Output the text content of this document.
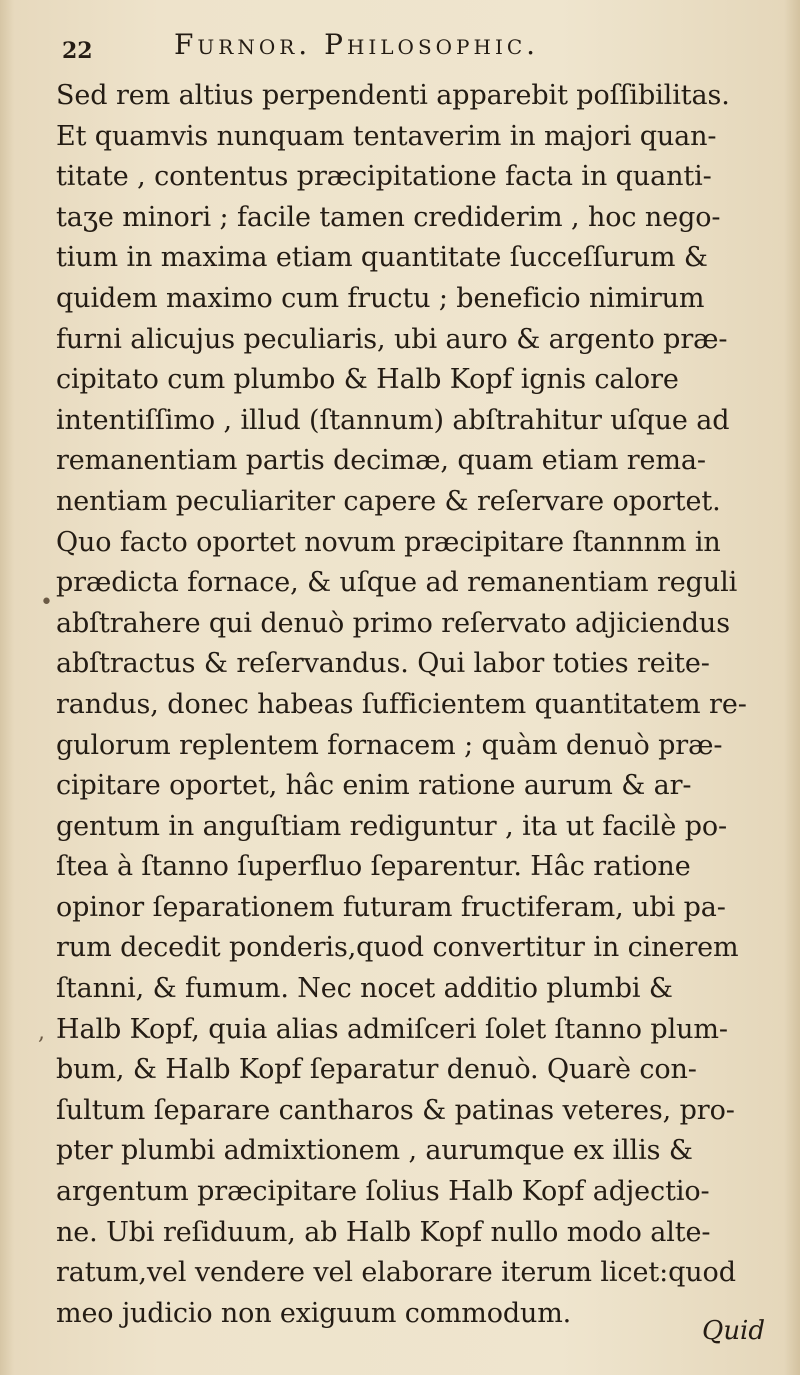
22	Furnor. Philosophic.
Sed rem altius perpendenti apparebit poſſibilitas.
Et quamvis nunquam tentaverim in majori quan-
titate , contentus præcipitatione facta in quanti-
taʒe minori ; facile tamen crediderim , hoc nego-
tium in maxima etiam quantitate ſucceſſurum &
quidem maximo cum fructu ; beneficio nimirum
furni alicujus peculiaris, ubi auro & argento præ-
cipitato cum plumbo & Halb Kopf ignis calore
intentiſſimo , illud (ſtannum) abſtrahitur uſque ad
remanentiam partis decimæ, quam etiam rema-
nentiam peculiariter capere & reſervare oportet.
Quo facto oportet novum præcipitare ſtannnm in
prædicta fornace, & uſque ad remanentiam reguli
abſtrahere qui denuò primo reſervato adjiciendus
abſtractus & reſervandus. Qui labor toties reite-
randus, donec habeas ſufficientem quantitatem re-
gulorum replentem fornacem ; quàm denuò præ-
cipitare oportet, hâc enim ratione aurum & ar-
gentum in anguſtiam rediguntur , ita ut facilè po-
ſtea à ſtanno ſuperfluo ſeparentur. Hâc ratione
opinor ſeparationem futuram fructiferam, ubi pa-
rum decedit ponderis,quod convertitur in cinerem
ſtanni, & fumum. Nec nocet additio plumbi &
Halb Kopf, quia alias admiſceri ſolet ſtanno plum-
bum, & Halb Kopf ſeparatur denuò. Quarè con-
ſultum ſeparare cantharos & patinas veteres, pro-
pter plumbi admixtionem , aurumque ex illis &
argentum præcipitare ſolius Halb Kopf adjectio-
ne. Ubi reſiduum, ab Halb Kopf nullo modo alte-
ratum,vel vendere vel elaborare iterum licet:quod
meo judicio non exiguum commodum.
Quid
•
,
